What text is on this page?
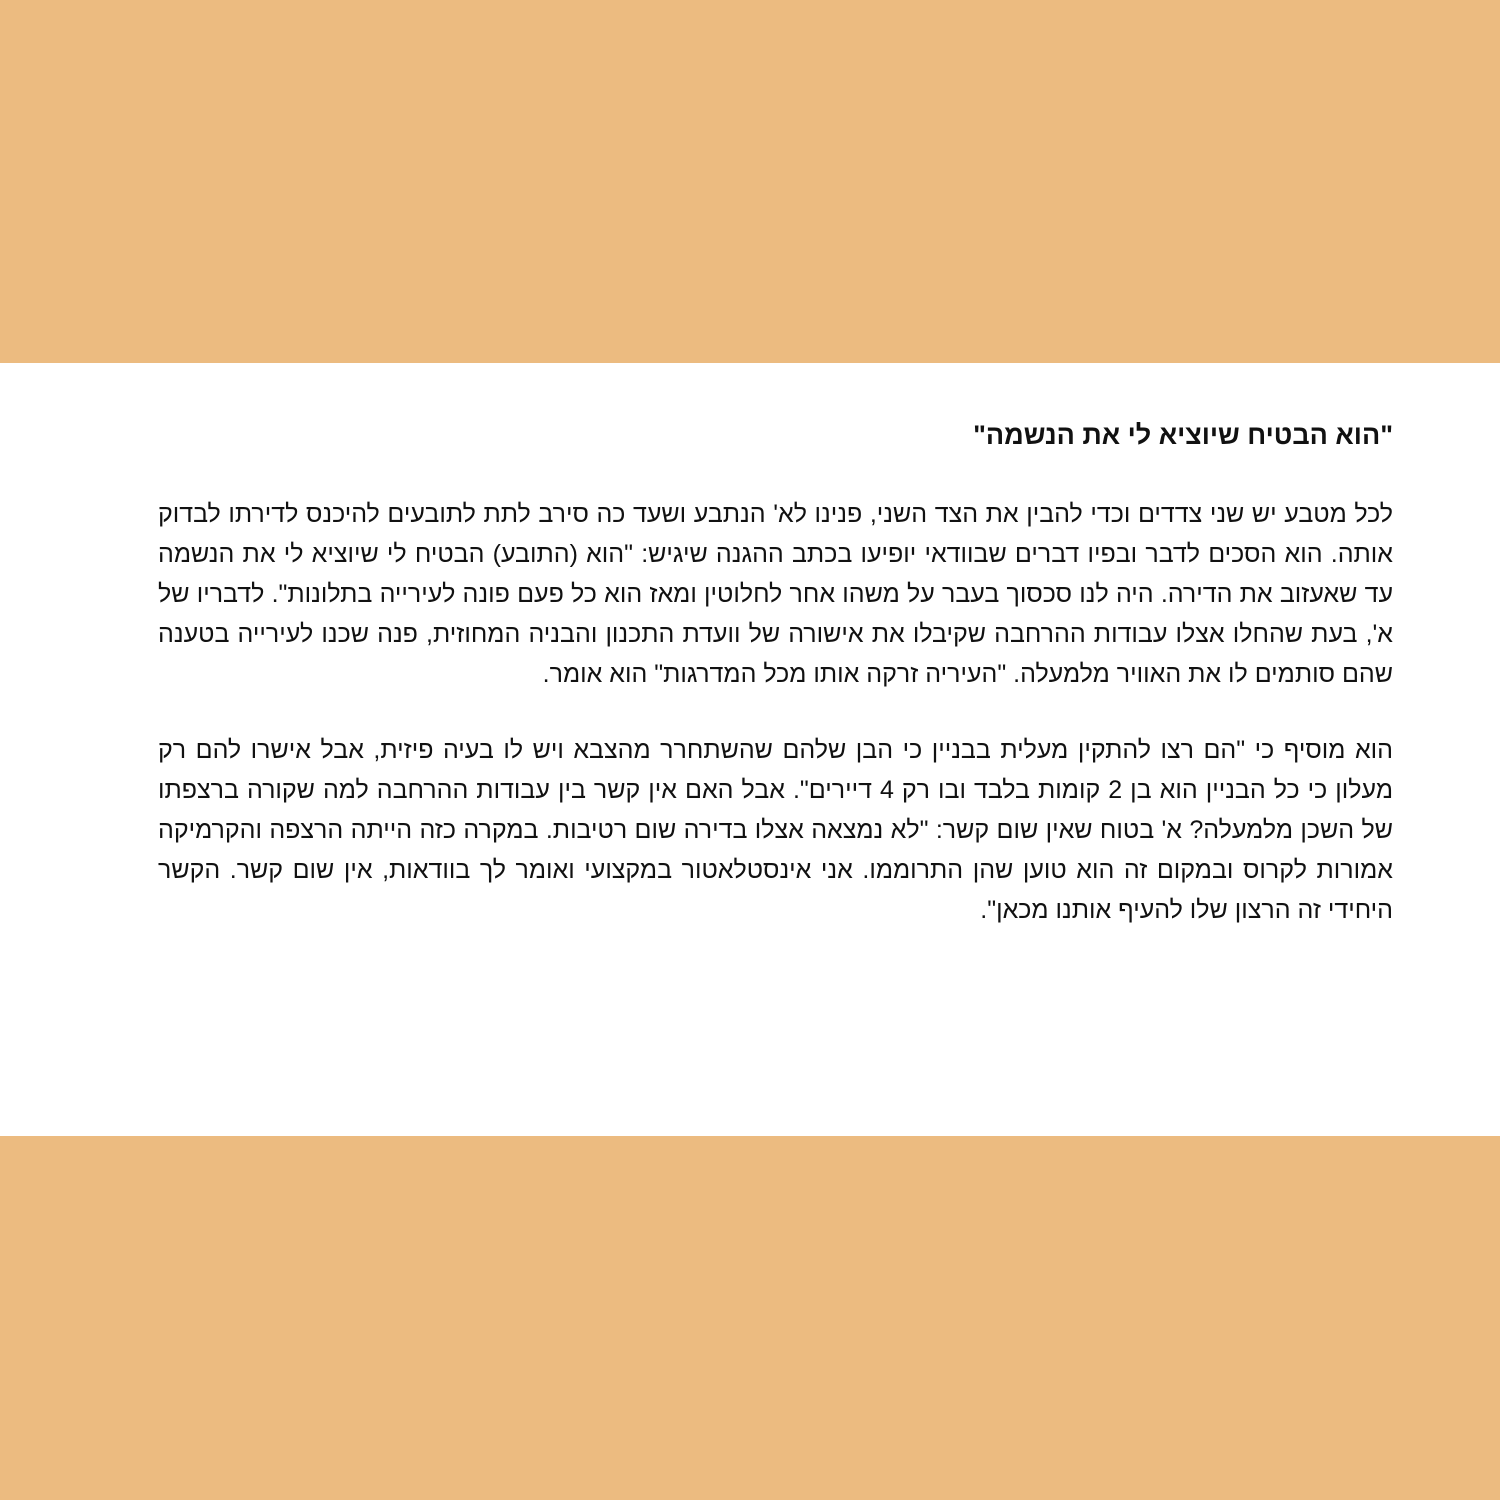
"הוא הבטיח שיוציא לי את הנשמה"

לכל מטבע יש שני צדדים וכדי להבין את הצד השני, פנינו לא' הנתבע ושעד כה סירב לתת לתובעים להיכנס לדירתו לבדוק אותה. הוא הסכים לדבר ובפיו דברים שבוודאי יופיעו בכתב ההגנה שיגיש: "הוא (התובע) הבטיח לי שיוציא לי את הנשמה עד שאעזוב את הדירה. היה לנו סכסוך בעבר על משהו אחר לחלוטין ומאז הוא כל פעם פונה לעירייה בתלונות". לדבריו של א', בעת שהחלו אצלו עבודות ההרחבה שקיבלו את אישורה של וועדת התכנון והבניה המחוזית, פנה שכנו לעירייה בטענה שהם סותמים לו את האוויר מלמעלה. "העיריה זרקה אותו מכל המדרגות" הוא אומר.

הוא מוסיף כי "הם רצו להתקין מעלית בבניין כי הבן שלהם שהשתחרר מהצבא ויש לו בעיה פיזית, אבל אישרו להם רק מעלון כי כל הבניין הוא בן 2 קומות בלבד ובו רק 4 דיירים". אבל האם אין קשר בין עבודות ההרחבה למה שקורה ברצפתו של השכן מלמעלה? א' בטוח שאין שום קשר: "לא נמצאה אצלו בדירה שום רטיבות. במקרה כזה הייתה הרצפה והקרמיקה אמורות לקרוס ובמקום זה הוא טוען שהן התרוממו. אני אינסטלאטור במקצועי ואומר לך בוודאות, אין שום קשר. הקשר היחידי זה הרצון שלו להעיף אותנו מכאן".
